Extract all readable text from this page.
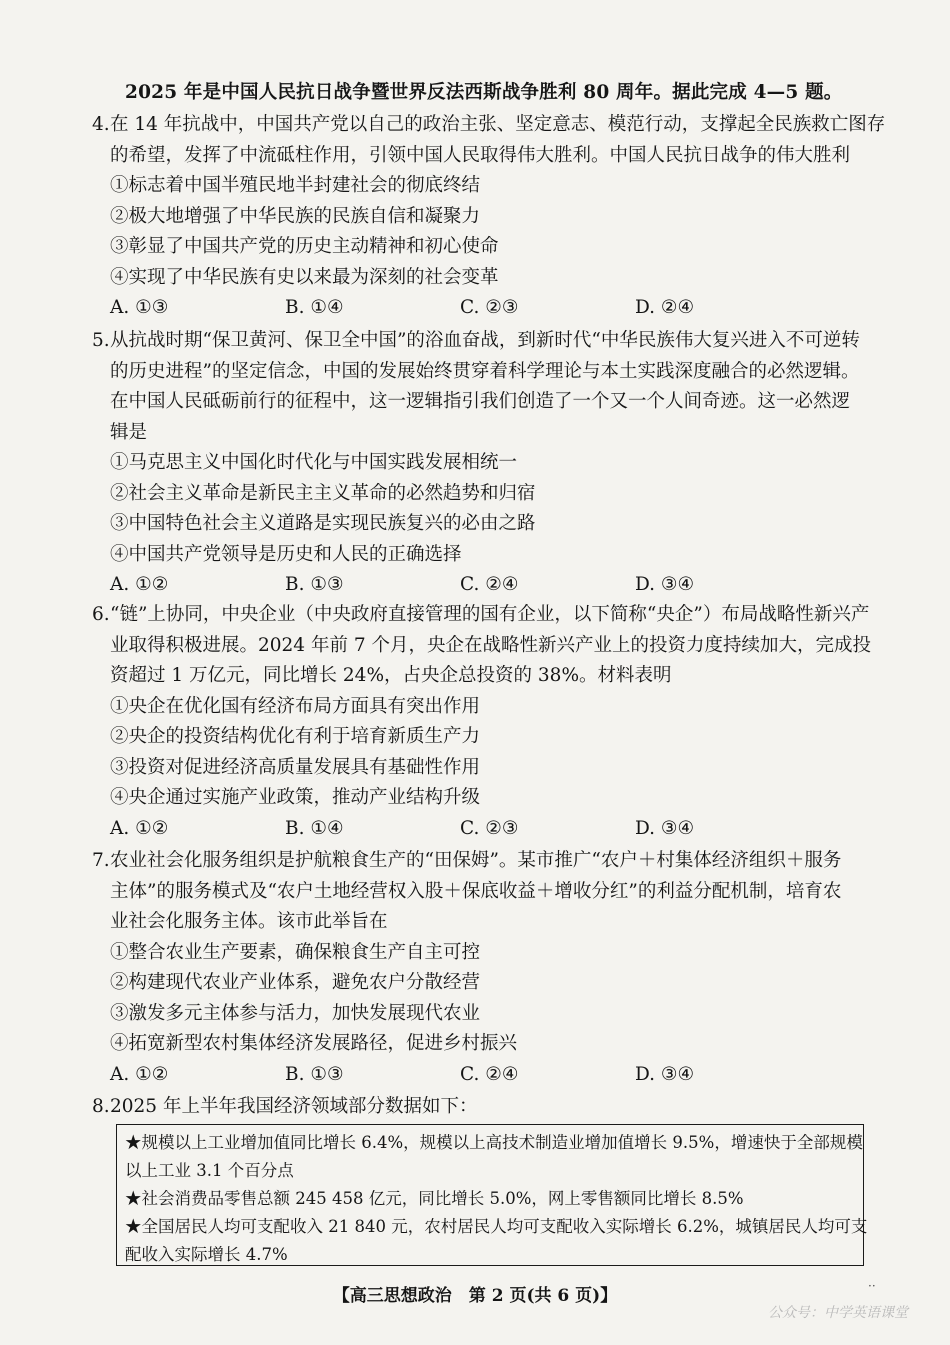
2025 年是中国人民抗日战争暨世界反法西斯战争胜利 80 周年。据此完成 4—5 题。
4.在 14 年抗战中，中国共产党以自己的政治主张、坚定意志、模范行动，支撑起全民族救亡图存
的希望，发挥了中流砥柱作用，引领中国人民取得伟大胜利。中国人民抗日战争的伟大胜利
①标志着中国半殖民地半封建社会的彻底终结
②极大地增强了中华民族的民族自信和凝聚力
③彰显了中国共产党的历史主动精神和初心使命
④实现了中华民族有史以来最为深刻的社会变革
A. ①③	B. ①④	C. ②③	D. ②④
5.从抗战时期“保卫黄河、保卫全中国”的浴血奋战，到新时代“中华民族伟大复兴进入不可逆转
的历史进程”的坚定信念，中国的发展始终贯穿着科学理论与本土实践深度融合的必然逻辑。
在中国人民砥砺前行的征程中，这一逻辑指引我们创造了一个又一个人间奇迹。这一必然逻
辑是
①马克思主义中国化时代化与中国实践发展相统一
②社会主义革命是新民主主义革命的必然趋势和归宿
③中国特色社会主义道路是实现民族复兴的必由之路
④中国共产党领导是历史和人民的正确选择
A. ①②	B. ①③	C. ②④	D. ③④
6.“链”上协同，中央企业（中央政府直接管理的国有企业，以下简称“央企”）布局战略性新兴产
业取得积极进展。2024 年前 7 个月，央企在战略性新兴产业上的投资力度持续加大，完成投
资超过 1 万亿元，同比增长 24%，占央企总投资的 38%。材料表明
①央企在优化国有经济布局方面具有突出作用
②央企的投资结构优化有利于培育新质生产力
③投资对促进经济高质量发展具有基础性作用
④央企通过实施产业政策，推动产业结构升级
A. ①②	B. ①④	C. ②③	D. ③④
7.农业社会化服务组织是护航粮食生产的“田保姆”。某市推广“农户＋村集体经济组织＋服务
主体”的服务模式及“农户土地经营权入股＋保底收益＋增收分红”的利益分配机制，培育农
业社会化服务主体。该市此举旨在
①整合农业生产要素，确保粮食生产自主可控
②构建现代农业产业体系，避免农户分散经营
③激发多元主体参与活力，加快发展现代农业
④拓宽新型农村集体经济发展路径，促进乡村振兴
A. ①②	B. ①③	C. ②④	D. ③④
8.2025 年上半年我国经济领域部分数据如下：
★规模以上工业增加值同比增长 6.4%，规模以上高技术制造业增加值增长 9.5%，增速快于全部规模
以上工业 3.1 个百分点
★社会消费品零售总额 245 458 亿元，同比增长 5.0%，网上零售额同比增长 8.5%
★全国居民人均可支配收入 21 840 元，农村居民人均可支配收入实际增长 6.2%，城镇居民人均可支
配收入实际增长 4.7%
【高三思想政治　第 2 页(共 6 页)】	··
公众号：中学英语课堂
